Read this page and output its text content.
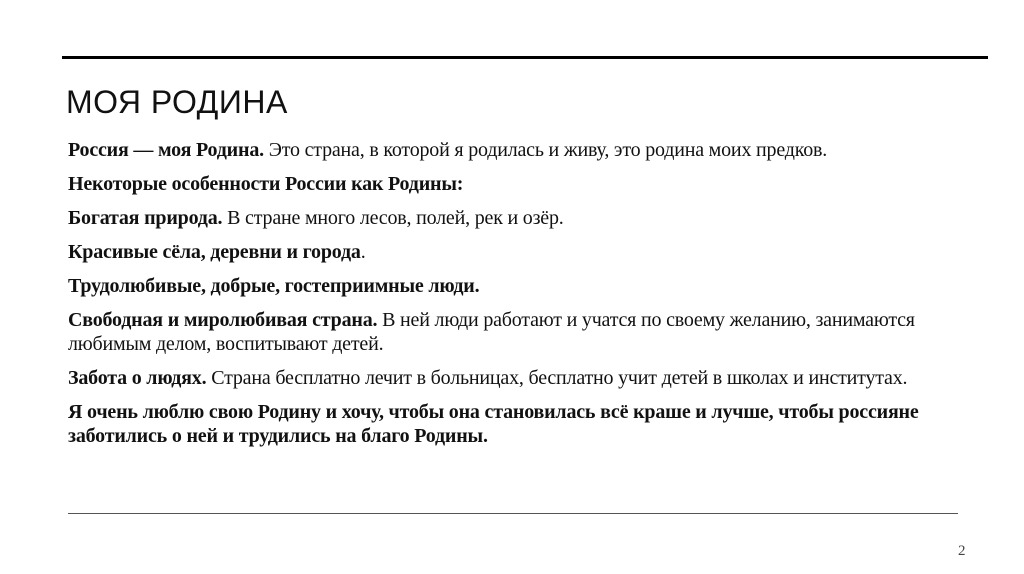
МОЯ РОДИНА

Россия — моя Родина. Это страна, в которой я родилась и живу, это родина моих предков.

Некоторые особенности России как Родины:

Богатая природа. В стране много лесов, полей, рек и озёр.

Красивые сёла, деревни и города.

Трудолюбивые, добрые, гостеприимные люди.

Свободная и миролюбивая страна. В ней люди работают и учатся по своему желанию, занимаются любимым делом, воспитывают детей.

Забота о людях. Страна бесплатно лечит в больницах, бесплатно учит детей в школах и институтах.

Я очень люблю свою Родину и хочу, чтобы она становилась всё краше и лучше, чтобы россияне заботились о ней и трудились на благо Родины.

2
